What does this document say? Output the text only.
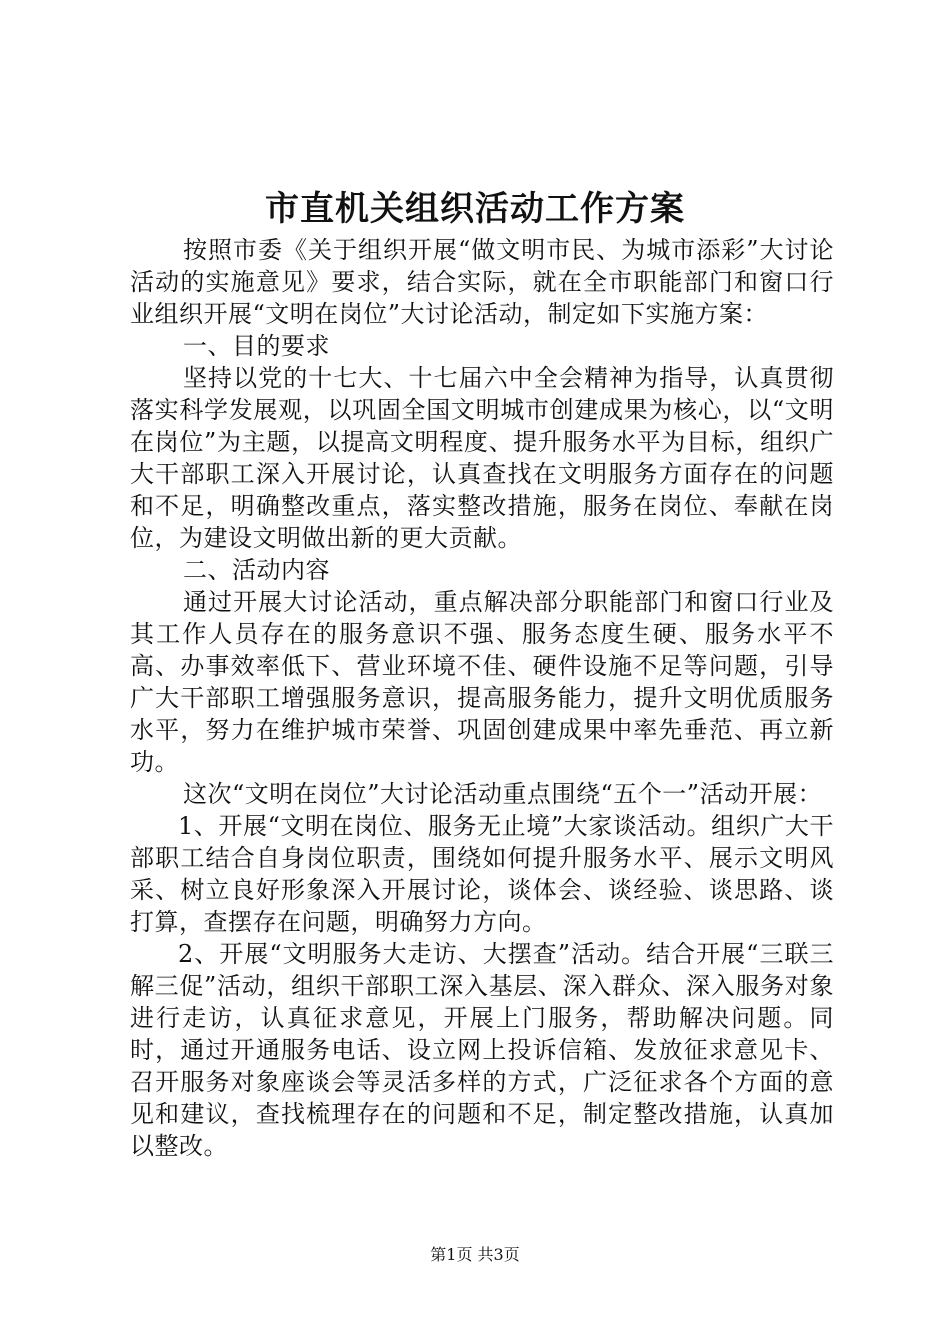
市直机关组织活动工作方案

按照市委《关于组织开展“做文明市民、为城市添彩”大讨论活动的实施意见》要求，结合实际，就在全市职能部门和窗口行业组织开展“文明在岗位”大讨论活动，制定如下实施方案：

一、目的要求

坚持以党的十七大、十七届六中全会精神为指导，认真贯彻落实科学发展观，以巩固全国文明城市创建成果为核心，以“文明在岗位”为主题，以提高文明程度、提升服务水平为目标，组织广大干部职工深入开展讨论，认真查找在文明服务方面存在的问题和不足，明确整改重点，落实整改措施，服务在岗位、奉献在岗位，为建设文明做出新的更大贡献。

二、活动内容

通过开展大讨论活动，重点解决部分职能部门和窗口行业及其工作人员存在的服务意识不强、服务态度生硬、服务水平不高、办事效率低下、营业环境不佳、硬件设施不足等问题，引导广大干部职工增强服务意识，提高服务能力，提升文明优质服务水平，努力在维护城市荣誉、巩固创建成果中率先垂范、再立新功。

这次“文明在岗位”大讨论活动重点围绕“五个一”活动开展：

1、开展“文明在岗位、服务无止境”大家谈活动。组织广大干部职工结合自身岗位职责，围绕如何提升服务水平、展示文明风采、树立良好形象深入开展讨论，谈体会、谈经验、谈思路、谈打算，查摆存在问题，明确努力方向。

2、开展“文明服务大走访、大摆查”活动。结合开展“三联三解三促”活动，组织干部职工深入基层、深入群众、深入服务对象进行走访，认真征求意见，开展上门服务，帮助解决问题。同时，通过开通服务电话、设立网上投诉信箱、发放征求意见卡、召开服务对象座谈会等灵活多样的方式，广泛征求各个方面的意见和建议，查找梳理存在的问题和不足，制定整改措施，认真加以整改。

第1页 共3页
